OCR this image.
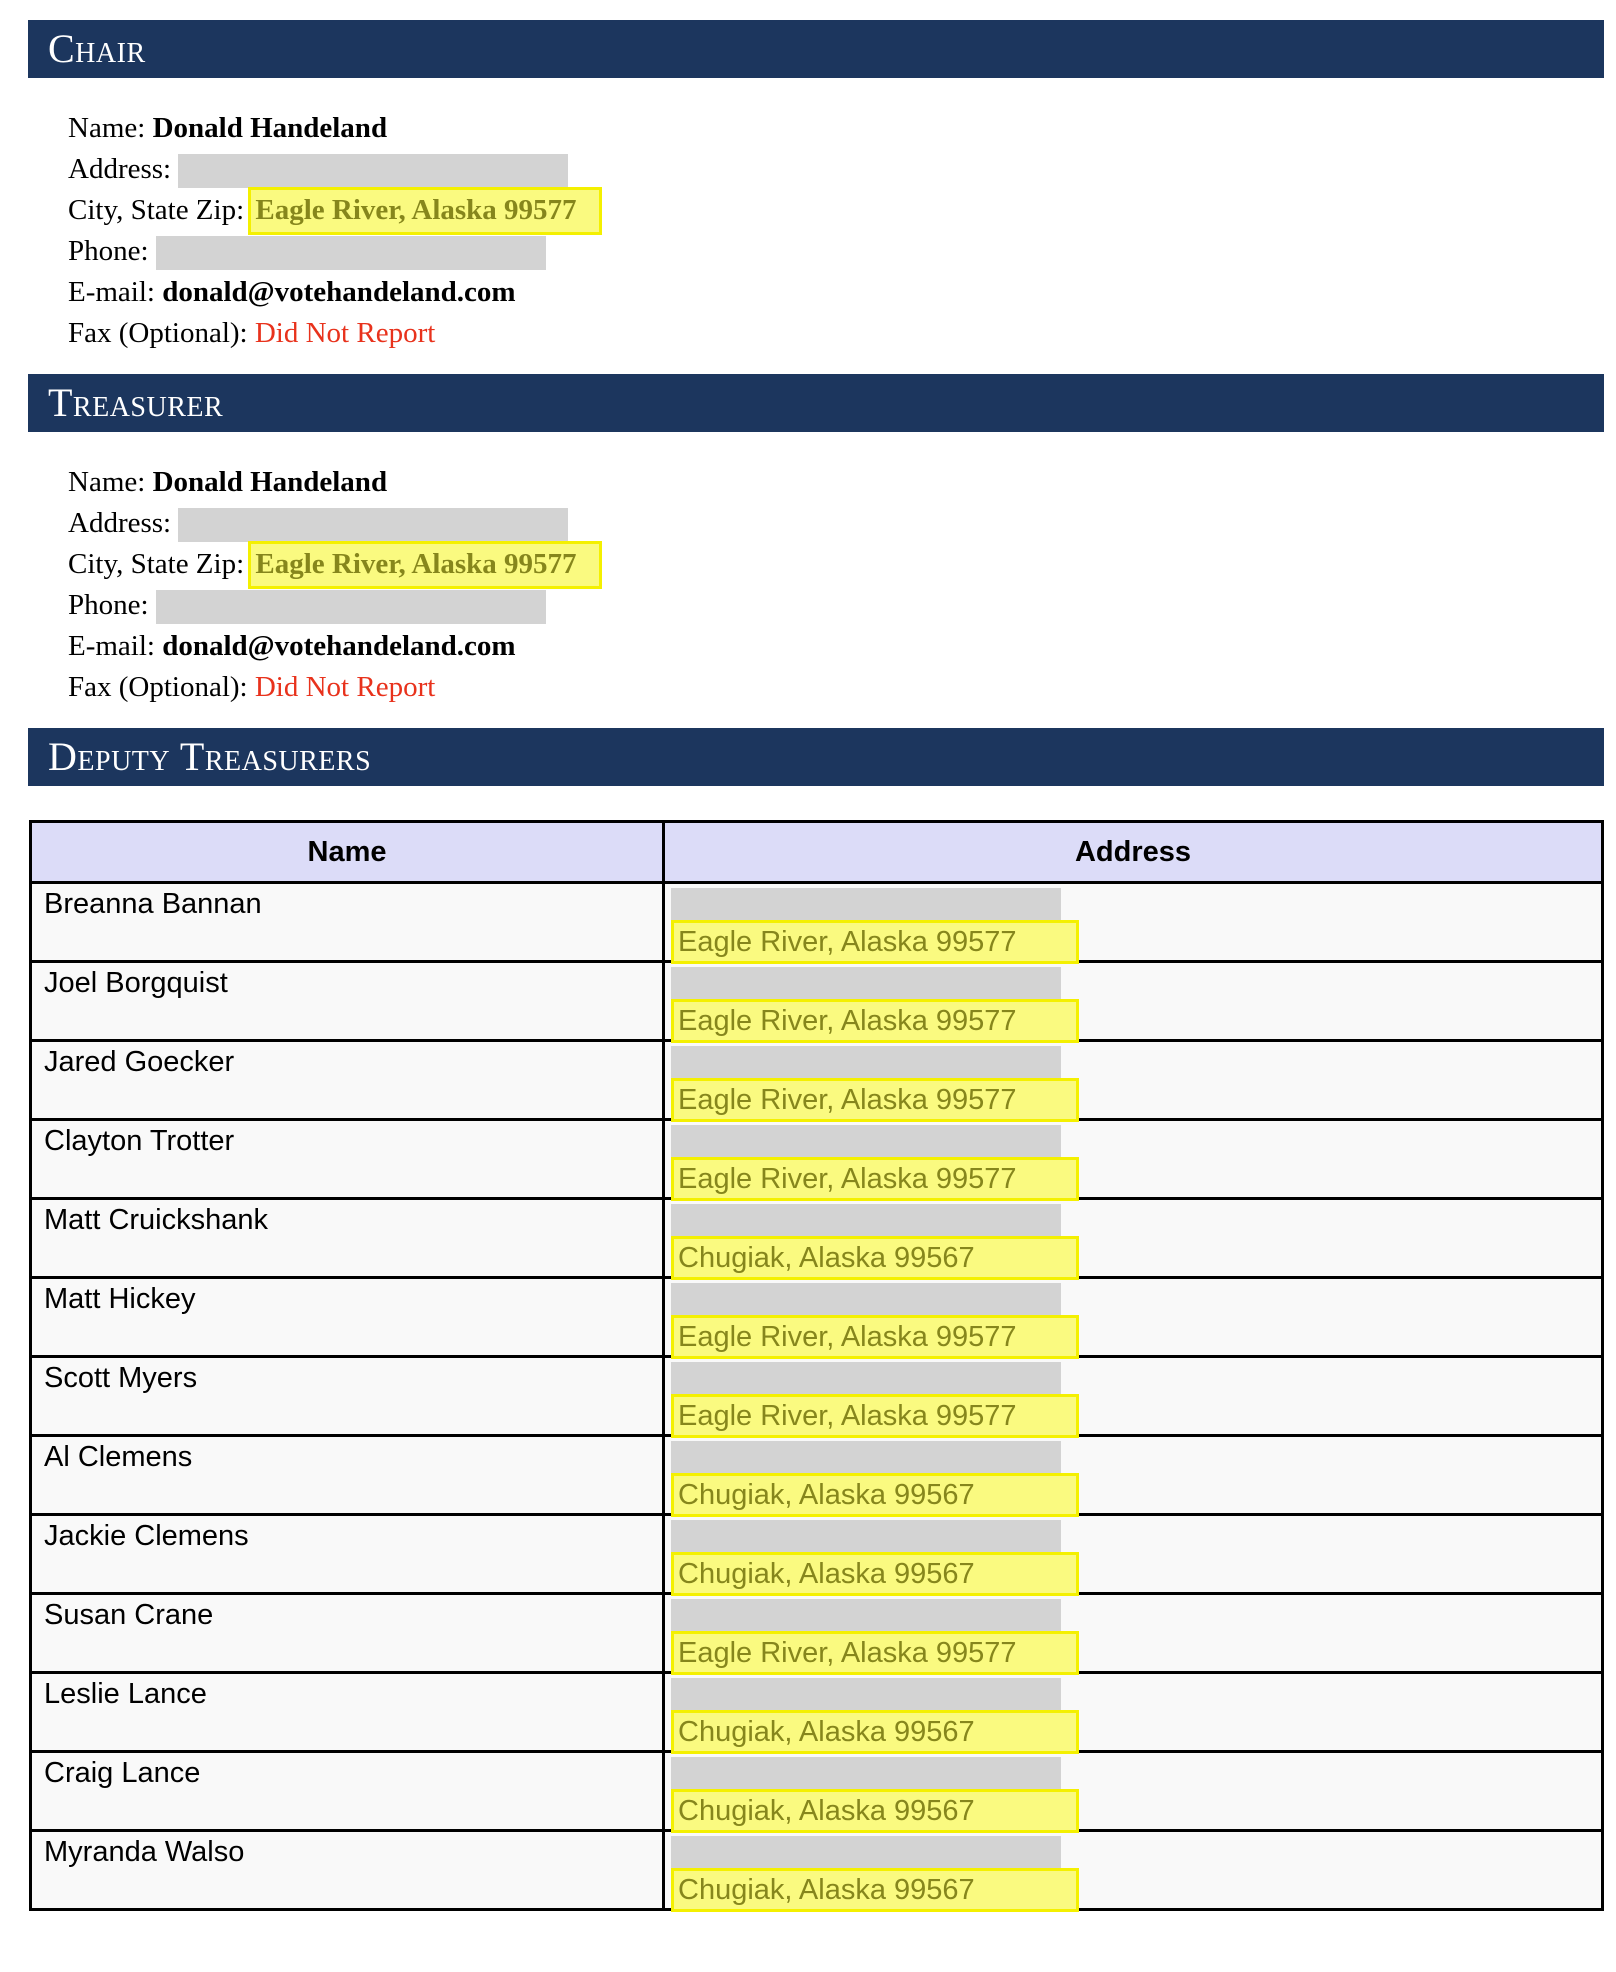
Chair
Name: Donald Handeland
Address:
City, State Zip: Eagle River, Alaska 99577
Phone:
E-mail: donald@votehandeland.com
Fax (Optional): Did Not Report
Treasurer
Name: Donald Handeland
Address:
City, State Zip: Eagle River, Alaska 99577
Phone:
E-mail: donald@votehandeland.com
Fax (Optional): Did Not Report
Deputy Treasurers
Name	Address
Breanna Bannan	Eagle River, Alaska 99577

Joel Borgquist	Eagle River, Alaska 99577

Jared Goecker	Eagle River, Alaska 99577

Clayton Trotter	Eagle River, Alaska 99577

Matt Cruickshank	Chugiak, Alaska 99567

Matt Hickey	Eagle River, Alaska 99577

Scott Myers	Eagle River, Alaska 99577

Al Clemens	Chugiak, Alaska 99567

Jackie Clemens	Chugiak, Alaska 99567

Susan Crane	Eagle River, Alaska 99577

Leslie Lance	Chugiak, Alaska 99567

Craig Lance	Chugiak, Alaska 99567

Myranda Walso	Chugiak, Alaska 99567
